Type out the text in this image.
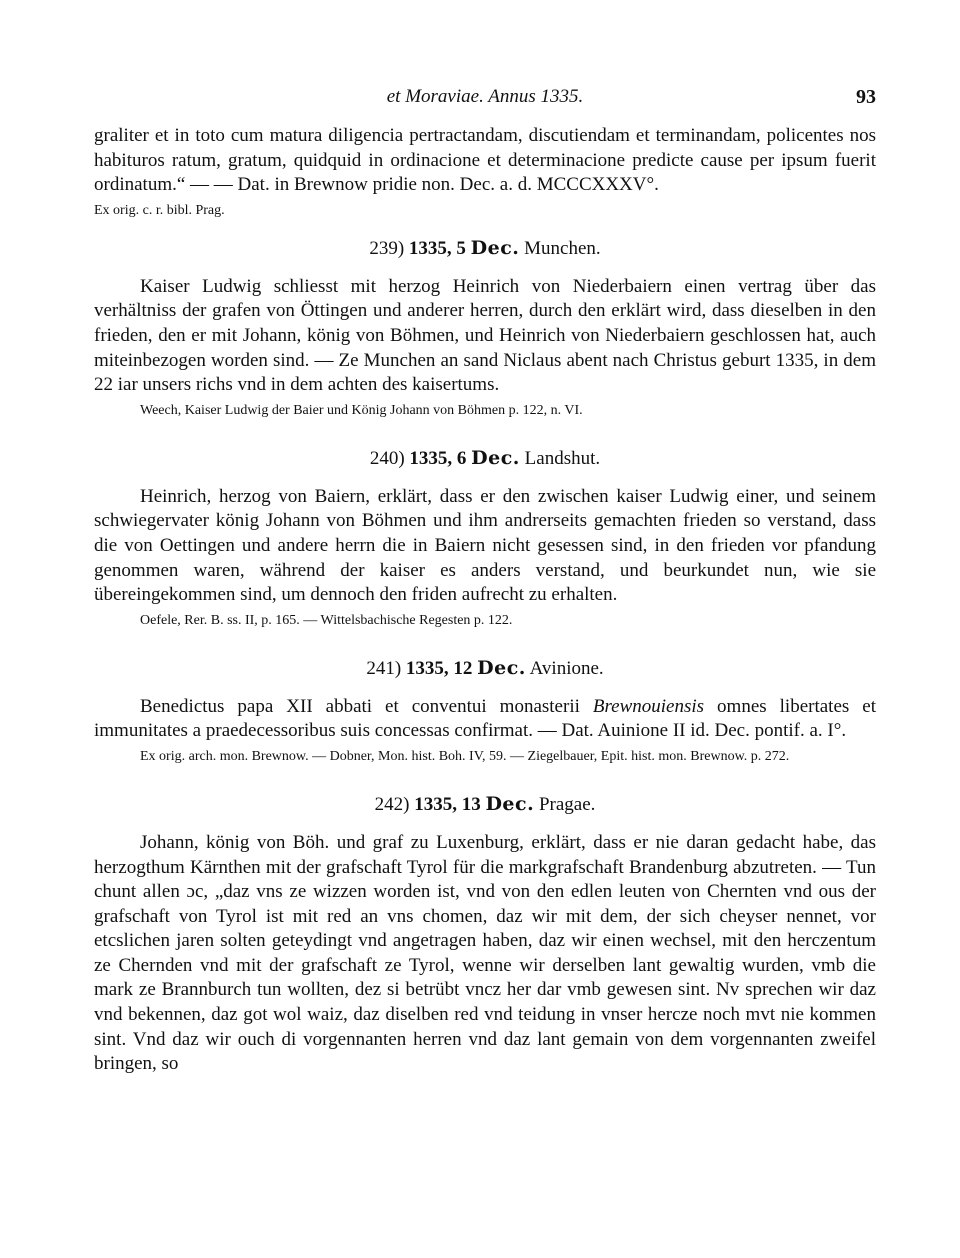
et Moraviae. Annus 1335.	93

graliter et in toto cum matura diligencia pertractandam, discutiendam et terminandam, policentes nos habituros ratum, gratum, quidquid in ordinacione et determinacione predicte cause per ipsum fuerit ordinatum.“ — — Dat. in Brewnow pridie non. Dec. a. d. MCCCXXXV°.

Ex orig. c. r. bibl. Prag.
239) 1335, 5 Dec. Munchen.

Kaiser Ludwig schliesst mit herzog Heinrich von Niederbaiern einen vertrag über das verhältniss der grafen von Öttingen und anderer herren, durch den erklärt wird, dass dieselben in den frieden, den er mit Johann, könig von Böhmen, und Heinrich von Niederbaiern geschlossen hat, auch miteinbezogen worden sind. — Ze Munchen an sand Niclaus abent nach Christus geburt 1335, in dem 22 iar unsers richs vnd in dem achten des kaisertums.

Weech, Kaiser Ludwig der Baier und König Johann von Böhmen p. 122, n. VI.
240) 1335, 6 Dec. Landshut.

Heinrich, herzog von Baiern, erklärt, dass er den zwischen kaiser Ludwig einer, und seinem schwiegervater könig Johann von Böhmen und ihm andrerseits gemachten frieden so verstand, dass die von Oettingen und andere herrn die in Baiern nicht gesessen sind, in den frieden vor pfandung genommen waren, während der kaiser es anders verstand, und beurkundet nun, wie sie übereingekommen sind, um dennoch den friden aufrecht zu erhalten.

Oefele, Rer. B. ss. II, p. 165. — Wittelsbachische Regesten p. 122.
241) 1335, 12 Dec. Avinione.

Benedictus papa XII abbati et conventui monasterii Brewnouiensis omnes libertates et immunitates a praedecessoribus suis concessas confirmat. — Dat. Auinione II id. Dec. pontif. a. I°.

Ex orig. arch. mon. Brewnow. — Dobner, Mon. hist. Boh. IV, 59. — Ziegelbauer, Epit. hist. mon. Brewnow. p. 272.
242) 1335, 13 Dec. Pragae.

Johann, könig von Böh. und graf zu Luxenburg, erklärt, dass er nie daran gedacht habe, das herzogthum Kärnthen mit der grafschaft Tyrol für die markgrafschaft Brandenburg abzutreten. — Tun chunt allen ɔc, „daz vns ze wizzen worden ist, vnd von den edlen leuten von Chernten vnd ous der grafschaft von Tyrol ist mit red an vns chomen, daz wir mit dem, der sich cheyser nennet, vor etcslichen jaren solten geteydingt vnd angetragen haben, daz wir einen wechsel, mit den herczentum ze Chernden vnd mit der grafschaft ze Tyrol, wenne wir derselben lant gewaltig wurden, vmb die mark ze Brannburch tun wollten, dez si betrübt vncz her dar vmb gewesen sint. Nv sprechen wir daz vnd bekennen, daz got wol waiz, daz diselben red vnd teidung in vnser hercze noch mvt nie kommen sint. Vnd daz wir ouch di vorgennanten herren vnd daz lant gemain von dem vorgennanten zweifel bringen, so
